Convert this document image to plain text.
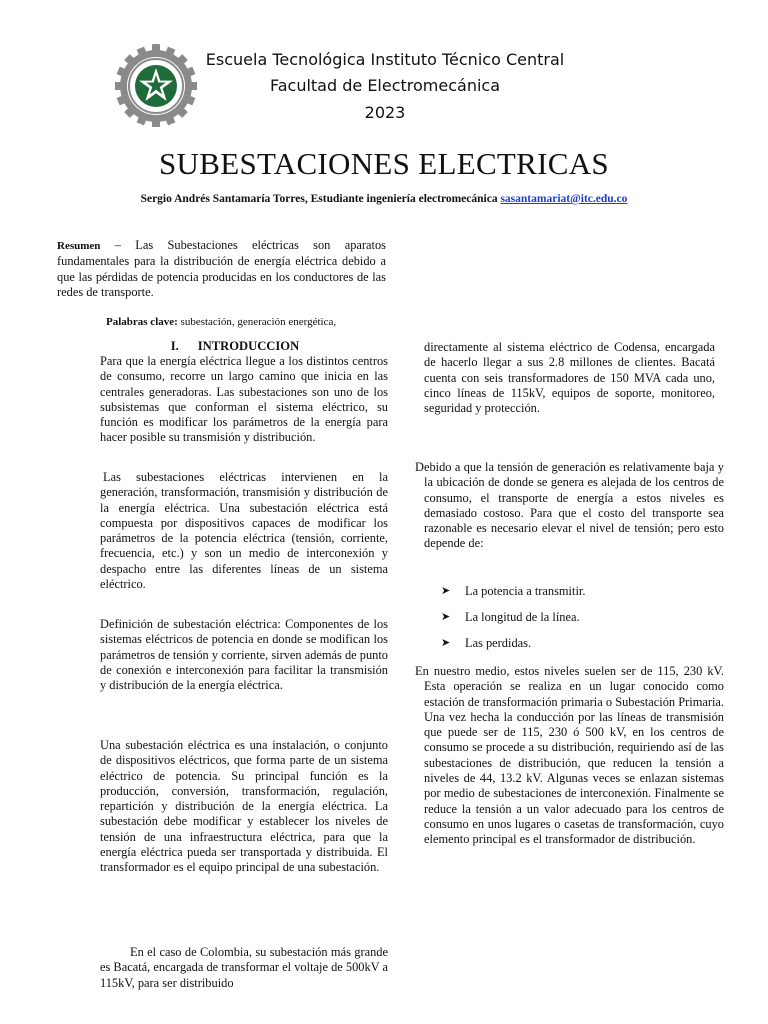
Escuela Tecnológica Instituto Técnico Central
Facultad de Electromecánica
2023
SUBESTACIONES ELECTRICAS
Sergio Andrés Santamaría Torres, Estudiante ingeniería electromecánica sasantamariat@itc.edu.co

Resumen – Las Subestaciones eléctricas son aparatos fundamentales para la distribución de energía eléctrica debido a que las pérdidas de potencia producidas en los conductores de las redes de transporte.

Palabras clave: subestación, generación energética,
I. INTRODUCCION

Para que la energía eléctrica llegue a los distintos centros de consumo, recorre un largo camino que inicia en las centrales generadoras. Las subestaciones son uno de los subsistemas que conforman el sistema eléctrico, su función es modificar los parámetros de la energía para hacer posible su transmisión y distribución.

Las subestaciones eléctricas intervienen en la generación, transformación, transmisión y distribución de la energía eléctrica. Una subestación eléctrica está compuesta por dispositivos capaces de modificar los parámetros de la potencia eléctrica (tensión, corriente, frecuencia, etc.) y son un medio de interconexión y despacho entre las diferentes líneas de un sistema eléctrico.

Definición de subestación eléctrica: Componentes de los sistemas eléctricos de potencia en donde se modifican los parámetros de tensión y corriente, sirven además de punto de conexión e interconexión para facilitar la transmisión y distribución de la energía eléctrica.

Una subestación eléctrica es una instalación, o conjunto de dispositivos eléctricos, que forma parte de un sistema eléctrico de potencia. Su principal función es la producción, conversión, transformación, regulación, repartición y distribución de la energía eléctrica. La subestación debe modificar y establecer los niveles de tensión de una infraestructura eléctrica, para que la energía eléctrica pueda ser transportada y distribuida. El transformador es el equipo principal de una subestación.

En el caso de Colombia, su subestación más grande es Bacatá, encargada de transformar el voltaje de 500kV a 115kV, para ser distribuido

directamente al sistema eléctrico de Codensa, encargada de hacerlo llegar a sus 2.8 millones de clientes. Bacatá cuenta con seis transformadores de 150 MVA cada uno, cinco líneas de 115kV, equipos de soporte, monitoreo, seguridad y protección.

Debido a que la tensión de generación es relativamente baja y la ubicación de donde se genera es alejada de los centros de consumo, el transporte de energía a estos niveles es demasiado costoso. Para que el costo del transporte sea razonable es necesario elevar el nivel de tensión; pero esto depende de:

➤ La potencia a transmitir.
➤ La longitud de la línea.
➤ Las perdidas.

En nuestro medio, estos niveles suelen ser de 115, 230 kV. Esta operación se realiza en un lugar conocido como estación de transformación primaria o Subestación Primaria. Una vez hecha la conducción por las líneas de transmisión que puede ser de 115, 230 ó 500 kV, en los centros de consumo se procede a su distribución, requiriendo así de las subestaciones de distribución, que reducen la tensión a niveles de 44, 13.2 kV. Algunas veces se enlazan sistemas por medio de subestaciones de interconexión. Finalmente se reduce la tensión a un valor adecuado para los centros de consumo en unos lugares o casetas de transformación, cuyo elemento principal es el transformador de distribución.
